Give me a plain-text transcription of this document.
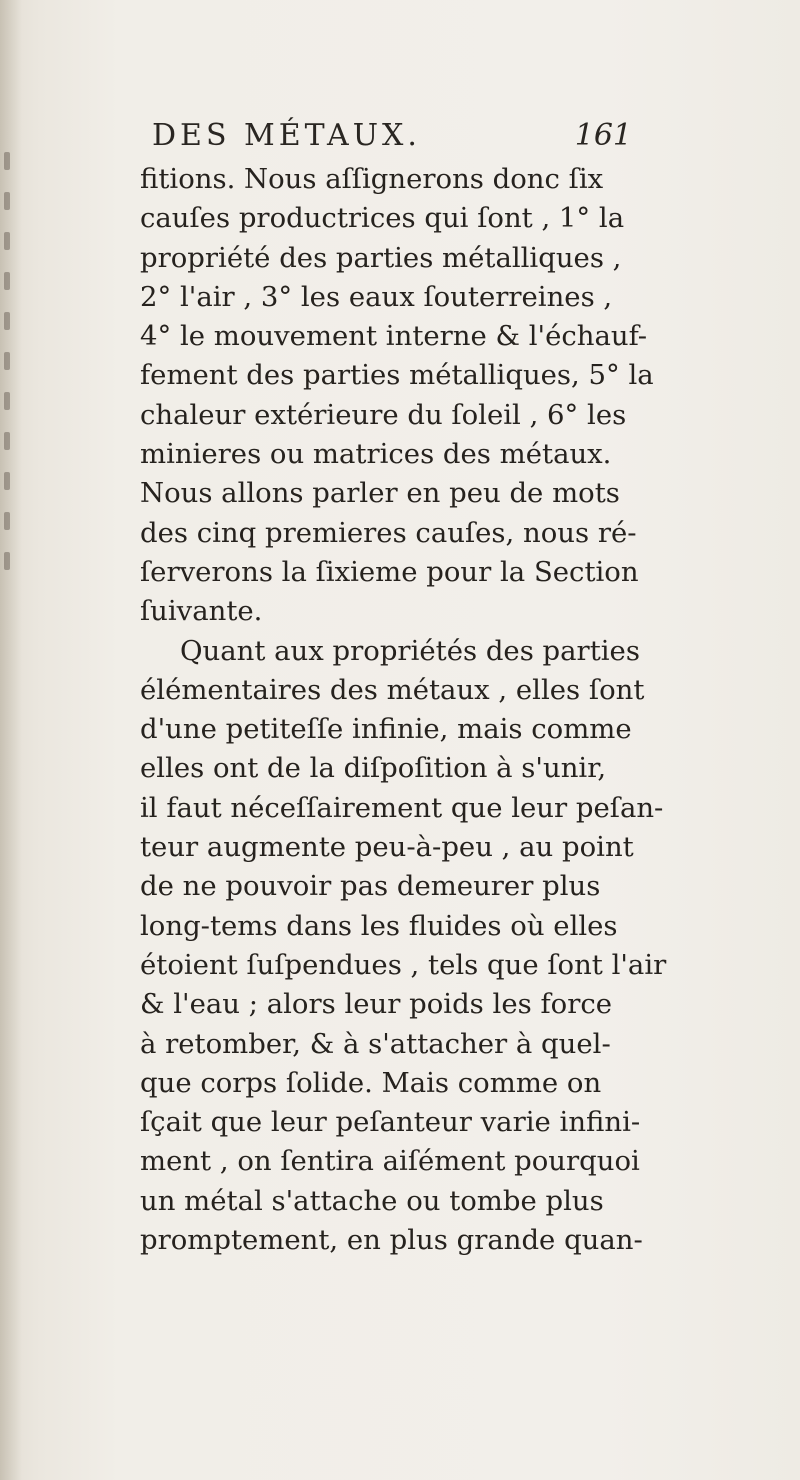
DES MÉTAUX.	161
fitions. Nous aſſignerons donc ſix
cauſes productrices qui ſont , 1° la
propriété des parties métalliques ,
2° l'air , 3° les eaux ſouterreines ,
4° le mouvement interne & l'échauf-
fement des parties métalliques, 5° la
chaleur extérieure du ſoleil , 6° les
minieres ou matrices des métaux.
Nous allons parler en peu de mots
des cinq premieres cauſes, nous ré-
ſerverons la ſixieme pour la Section
ſuivante.
Quant aux propriétés des parties
élémentaires des métaux , elles ſont
d'une petiteſſe infinie, mais comme
elles ont de la diſpoſition à s'unir,
il faut néceſſairement que leur peſan-
teur augmente peu-à-peu , au point
de ne pouvoir pas demeurer plus
long-tems dans les fluides où elles
étoient ſuſpendues , tels que ſont l'air
& l'eau ; alors leur poids les force
à retomber, & à s'attacher à quel-
que corps ſolide. Mais comme on
ſçait que leur peſanteur varie infini-
ment , on ſentira aiſément pourquoi
un métal s'attache ou tombe plus
promptement, en plus grande quan-
